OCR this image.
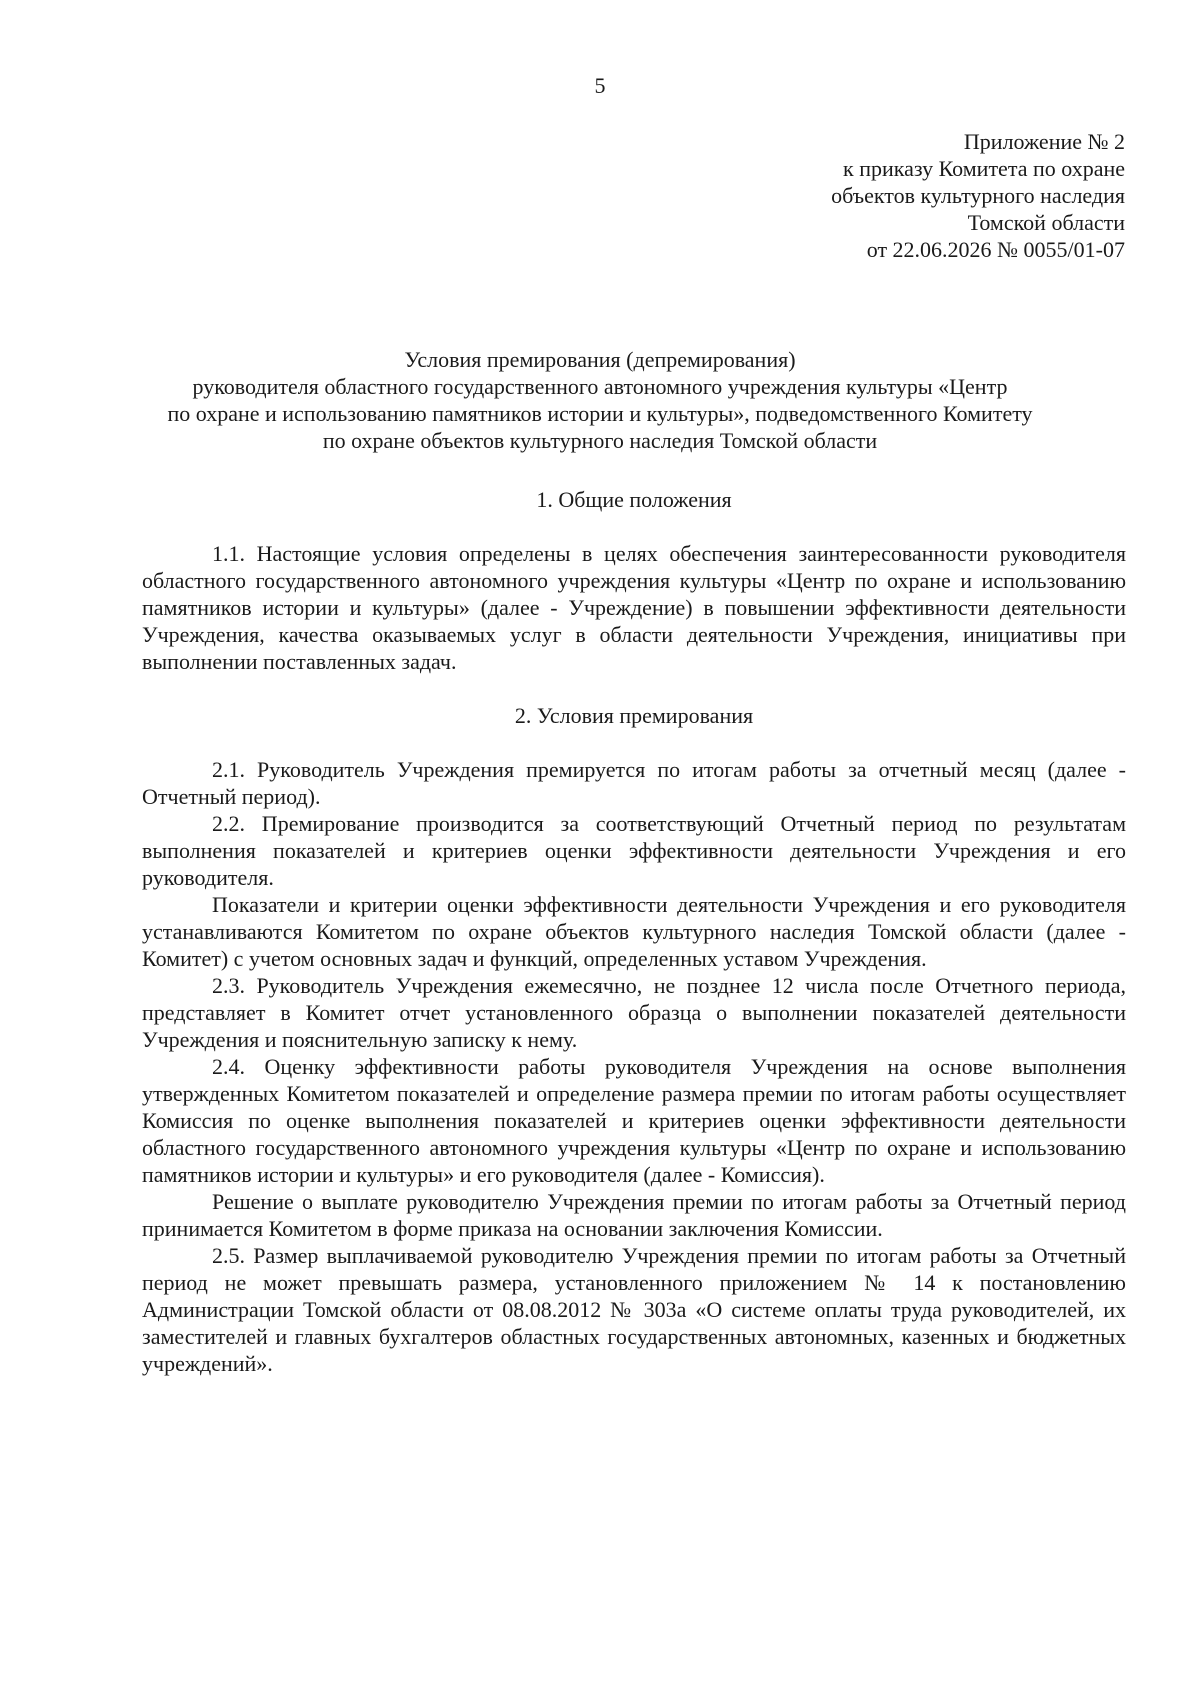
5
Приложение № 2
к приказу Комитета по охране
объектов культурного наследия
Томской области
от 22.06.2026 № 0055/01-07
Условия премирования (депремирования)
руководителя областного государственного автономного учреждения культуры «Центр
по охране и использованию памятников истории и культуры», подведомственного Комитету
по охране объектов культурного наследия Томской области

1. Общие положения

1.1. Настоящие условия определены в целях обеспечения заинтересованности руководителя областного государственного автономного учреждения культуры «Центр по охране и использованию памятников истории и культуры» (далее - Учреждение) в повышении эффективности деятельности Учреждения, качества оказываемых услуг в области деятельности Учреждения, инициативы при выполнении поставленных задач.

2. Условия премирования

2.1. Руководитель Учреждения премируется по итогам работы за отчетный месяц (далее - Отчетный период).

2.2. Премирование производится за соответствующий Отчетный период по результатам выполнения показателей и критериев оценки эффективности деятельности Учреждения и его руководителя.

Показатели и критерии оценки эффективности деятельности Учреждения и его руководителя устанавливаются Комитетом по охране объектов культурного наследия Томской области (далее - Комитет) с учетом основных задач и функций, определенных уставом Учреждения.

2.3. Руководитель Учреждения ежемесячно, не позднее 12 числа после Отчетного периода, представляет в Комитет отчет установленного образца о выполнении показателей деятельности Учреждения и пояснительную записку к нему.

2.4. Оценку эффективности работы руководителя Учреждения на основе выполнения утвержденных Комитетом показателей и определение размера премии по итогам работы осуществляет Комиссия по оценке выполнения показателей и критериев оценки эффективности деятельности областного государственного автономного учреждения культуры «Центр по охране и использованию памятников истории и культуры» и его руководителя (далее - Комиссия).

Решение о выплате руководителю Учреждения премии по итогам работы за Отчетный период принимается Комитетом в форме приказа на основании заключения Комиссии.

2.5. Размер выплачиваемой руководителю Учреждения премии по итогам работы за Отчетный период не может превышать размера, установленного приложением № 14 к постановлению Администрации Томской области от 08.08.2012 № 303а «О системе оплаты труда руководителей, их заместителей и главных бухгалтеров областных государственных автономных, казенных и бюджетных учреждений».
